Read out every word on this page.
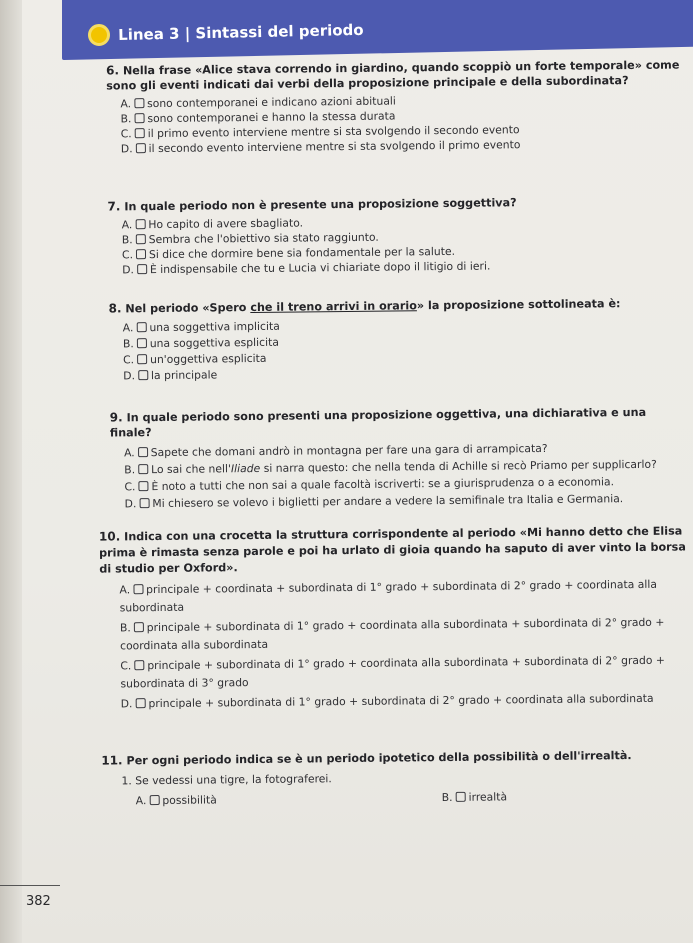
Linea 3 | Sintassi del periodo

6. Nella frase «Alice stava correndo in giardino, quando scoppiò un forte temporale» come sono gli eventi indicati dai verbi della proposizione principale e della subordinata?

A. sono contemporanei e indicano azioni abituali
B. sono contemporanei e hanno la stessa durata
C. il primo evento interviene mentre si sta svolgendo il secondo evento
D. il secondo evento interviene mentre si sta svolgendo il primo evento

7. In quale periodo non è presente una proposizione soggettiva?

A. Ho capito di avere sbagliato.
B. Sembra che l'obiettivo sia stato raggiunto.
C. Si dice che dormire bene sia fondamentale per la salute.
D. È indispensabile che tu e Lucia vi chiariate dopo il litigio di ieri.

8. Nel periodo «Spero che il treno arrivi in orario» la proposizione sottolineata è:

A. una soggettiva implicita
B. una soggettiva esplicita
C. un'oggettiva esplicita
D. la principale

9. In quale periodo sono presenti una proposizione oggettiva, una dichiarativa e una finale?

A. Sapete che domani andrò in montagna per fare una gara di arrampicata?
B. Lo sai che nell'Iliade si narra questo: che nella tenda di Achille si recò Priamo per supplicarlo?
C. È noto a tutti che non sai a quale facoltà iscriverti: se a giurisprudenza o a economia.
D. Mi chiesero se volevo i biglietti per andare a vedere la semifinale tra Italia e Germania.

10. Indica con una crocetta la struttura corrispondente al periodo «Mi hanno detto che Elisa prima è rimasta senza parole e poi ha urlato di gioia quando ha saputo di aver vinto la borsa di studio per Oxford».

A. principale + coordinata + subordinata di 1° grado + subordinata di 2° grado + coordinata alla subordinata
B. principale + subordinata di 1° grado + coordinata alla subordinata + subordinata di 2° grado + coordinata alla subordinata
C. principale + subordinata di 1° grado + coordinata alla subordinata + subordinata di 2° grado + subordinata di 3° grado
D. principale + subordinata di 1° grado + subordinata di 2° grado + coordinata alla subordinata

11. Per ogni periodo indica se è un periodo ipotetico della possibilità o dell'irrealtà.

1. Se vedessi una tigre, la fotograferei.
A. possibilità	B. irrealtà
382
